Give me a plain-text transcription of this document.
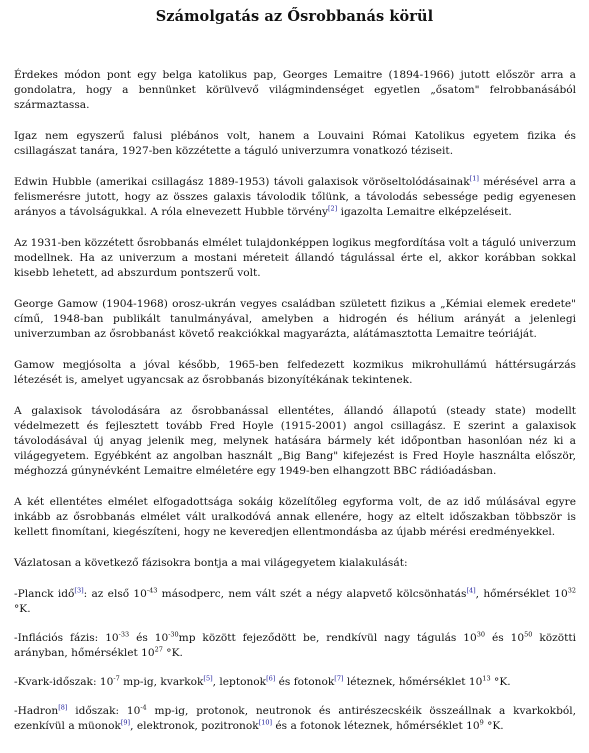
Számolgatás az Ősrobbanás körül

Érdekes módon pont egy belga katolikus pap, Georges Lemaitre (1894-1966) jutott először arra a gondolatra, hogy a bennünket körülvevő világmindenséget egyetlen „ősatom" felrobbanásából származtassa.

Igaz nem egyszerű falusi plébános volt, hanem a Louvaini Római Katolikus egyetem fizika és csillagászat tanára, 1927-ben közzétette a táguló univerzumra vonatkozó téziseit.

Edwin Hubble (amerikai csillagász 1889-1953) távoli galaxisok vöröseltolódásainak[1] mérésével arra a felismerésre jutott, hogy az összes galaxis távolodik tőlünk, a távolodás sebessége pedig egyenesen arányos a távolságukkal. A róla elnevezett Hubble törvény[2] igazolta Lemaitre elképzeléseit.

Az 1931-ben közzétett ősrobbanás elmélet tulajdonképpen logikus megfordítása volt a táguló univerzum modellnek. Ha az univerzum a mostani méreteit állandó tágulással érte el, akkor korábban sokkal kisebb lehetett, ad abszurdum pontszerű volt.

George Gamow (1904-1968) orosz-ukrán vegyes családban született fizikus a „Kémiai elemek eredete" című, 1948-ban publikált tanulmányával, amelyben a hidrogén és hélium arányát a jelenlegi univerzumban az ősrobbanást követő reakciókkal magyarázta, alátámasztotta Lemaitre teóriáját.

Gamow megjósolta a jóval később, 1965-ben felfedezett kozmikus mikrohullámú háttérsugárzás létezését is, amelyet ugyancsak az ősrobbanás bizonyítékának tekintenek.

A galaxisok távolodására az ősrobbanással ellentétes, állandó állapotú (steady state) modellt védelmezett és fejlesztett tovább Fred Hoyle (1915-2001) angol csillagász. E szerint a galaxisok távolodásával új anyag jelenik meg, melynek hatására bármely két időpontban hasonlóan néz ki a világegyetem. Egyébként az angolban használt „Big Bang" kifejezést is Fred Hoyle használta először, méghozzá gúnynévként Lemaitre elméletére egy 1949-ben elhangzott BBC rádióadásban.

A két ellentétes elmélet elfogadottsága sokáig közelítőleg egyforma volt, de az idő múlásával egyre inkább az ősrobbanás elmélet vált uralkodóvá annak ellenére, hogy az eltelt időszakban többször is kellett finomítani, kiegészíteni, hogy ne keveredjen ellentmondásba az újabb mérési eredményekkel.

Vázlatosan a következő fázisokra bontja a mai világegyetem kialakulását:

-Planck idő[3]: az első $10^{-43}$ másodperc, nem vált szét a négy alapvető kölcsönhatás[4], hőmérséklet $10^{32}$ °K.

-Inflációs fázis: $10^{-33}$ és $10^{-30}mp$ között fejeződött be, rendkívül nagy tágulás $10^{30}$ és $10^{50}$ közötti arányban, hőmérséklet $10^{27}$ °K.

-Kvark-időszak: $10^{-7}$ mp-ig, kvarkok[5], leptonok[6] és fotonok[7] léteznek, hőmérséklet $10^{13}$ °K.

-Hadron[8] időszak: $10^{-4}$ mp-ig, protonok, neutronok és antirészecskéik összeállnak a kvarkokból, ezenkívül a müonok[9], elektronok, pozitronok[10] és a fotonok léteznek, hőmérséklet $10^9$ °K.
